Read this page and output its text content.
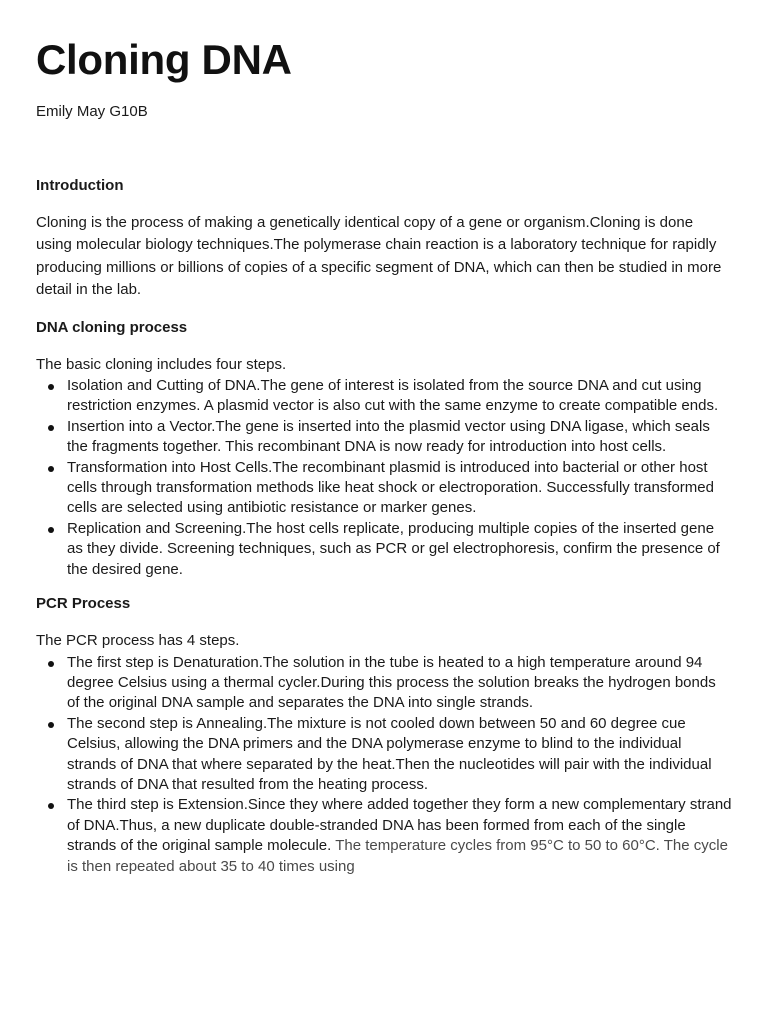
Cloning DNA

Emily May G10B

Introduction

Cloning is the process of making a genetically identical copy of a gene or organism.Cloning is done using molecular biology techniques.The polymerase chain reaction is a laboratory technique for rapidly producing millions or billions of copies of a specific segment of DNA, which can then be studied in more detail in the lab.

DNA cloning process

The basic cloning includes four steps.

Isolation and Cutting of DNA.The gene of interest is isolated from the source DNA and cut using restriction enzymes. A plasmid vector is also cut with the same enzyme to create compatible ends.
Insertion into a Vector.The gene is inserted into the plasmid vector using DNA ligase, which seals the fragments together. This recombinant DNA is now ready for introduction into host cells.
Transformation into Host Cells.The recombinant plasmid is introduced into bacterial or other host cells through transformation methods like heat shock or electroporation. Successfully transformed cells are selected using antibiotic resistance or marker genes.
Replication and Screening.The host cells replicate, producing multiple copies of the inserted gene as they divide. Screening techniques, such as PCR or gel electrophoresis, confirm the presence of the desired gene.
PCR Process

The PCR process has 4 steps.

The first step is Denaturation.The solution in the tube is heated to a high temperature around 94 degree Celsius using a thermal cycler.During this process the solution breaks the hydrogen bonds of the original DNA sample and separates the DNA into single strands.
The second step is Annealing.The mixture is not cooled down between 50 and 60 degree cue Celsius, allowing the DNA primers and the DNA polymerase enzyme to blind to the individual strands of DNA that where separated by the heat.Then the nucleotides will pair with the individual strands of DNA that resulted from the heating process.
The third step is Extension.Since they where added together they form a new complementary strand of DNA.Thus, a new duplicate double-stranded DNA has been formed from each of the single strands of the original sample molecule. The temperature cycles from 95°C to 50 to 60°C. The cycle is then repeated about 35 to 40 times using
